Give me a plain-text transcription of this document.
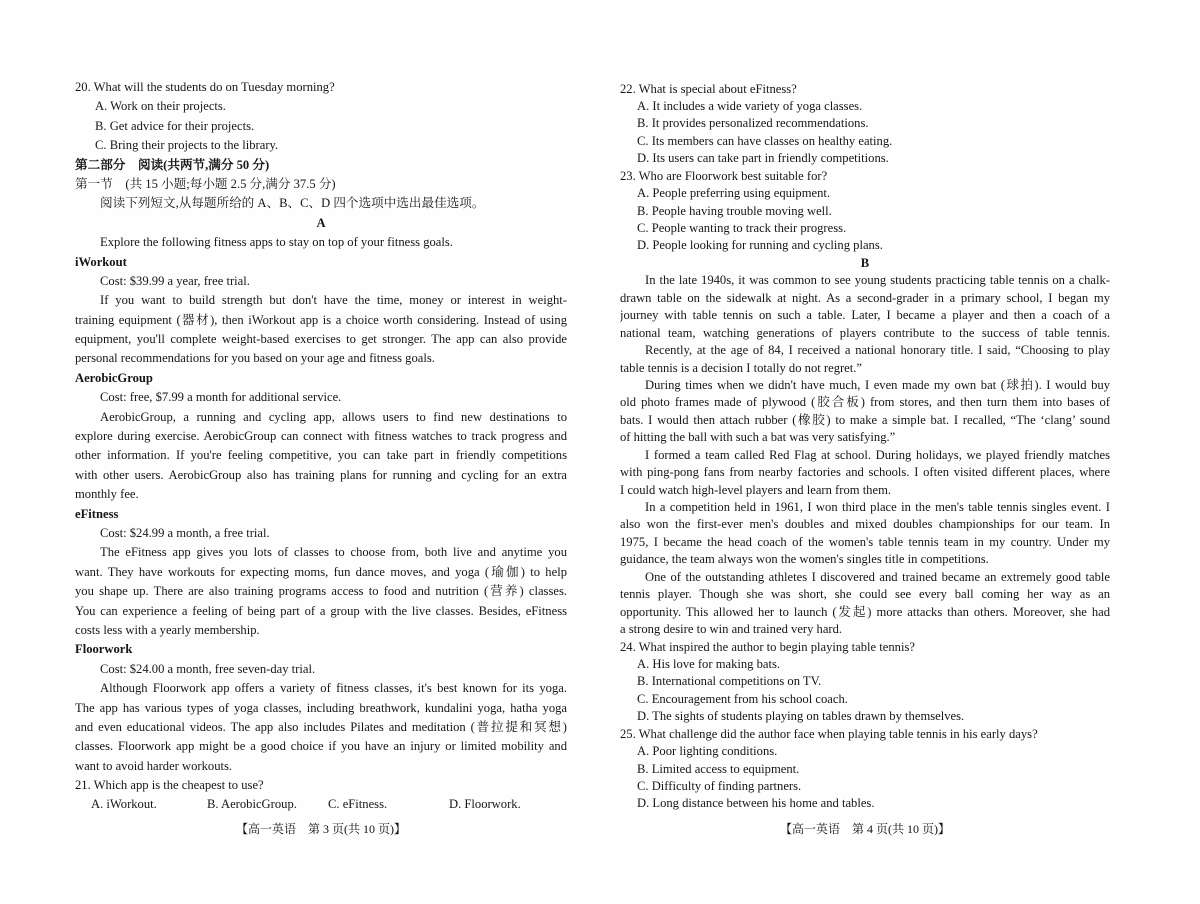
20. What will the students do on Tuesday morning?
A. Work on their projects.
B. Get advice for their projects.
C. Bring their projects to the library.
第二部分　阅读(共两节,满分 50 分)
第一节　(共 15 小题;每小题 2.5 分,满分 37.5 分)
阅读下列短文,从每题所给的 A、B、C、D 四个选项中选出最佳选项。
A
Explore the following fitness apps to stay on top of your fitness goals.
iWorkout
Cost: $39.99 a year, free trial.
If you want to build strength but don't have the time, money or interest in weight-
training equipment (器材), then iWorkout app is a choice worth considering. Instead of using
equipment, you'll complete weight-based exercises to get stronger. The app can also provide
personal recommendations for you based on your age and fitness goals.
AerobicGroup
Cost: free, $7.99 a month for additional service.
AerobicGroup, a running and cycling app, allows users to find new destinations to
explore during exercise. AerobicGroup can connect with fitness watches to track progress and
other information. If you're feeling competitive, you can take part in friendly competitions
with other users. AerobicGroup also has training plans for running and cycling for an extra
monthly fee.
eFitness
Cost: $24.99 a month, a free trial.
The eFitness app gives you lots of classes to choose from, both live and anytime you
want. They have workouts for expecting moms, fun dance moves, and yoga (瑜伽) to help
you shape up. There are also training programs access to food and nutrition (营养) classes.
You can experience a feeling of being part of a group with the live classes. Besides, eFitness
costs less with a yearly membership.
Floorwork
Cost: $24.00 a month, free seven-day trial.
Although Floorwork app offers a variety of fitness classes, it's best known for its yoga.
The app has various types of yoga classes, including breathwork, kundalini yoga, hatha yoga
and even educational videos. The app also includes Pilates and meditation (普拉提和冥想)
classes. Floorwork app might be a good choice if you have an injury or limited mobility and
want to avoid harder workouts.
21. Which app is the cheapest to use?
A. iWorkout.	B. AerobicGroup. C. eFitness.	D. Floorwork.
22. What is special about eFitness?
A. It includes a wide variety of yoga classes.
B. It provides personalized recommendations.
C. Its members can have classes on healthy eating.
D. Its users can take part in friendly competitions.
23. Who are Floorwork best suitable for?
A. People preferring using equipment.
B. People having trouble moving well.
C. People wanting to track their progress.
D. People looking for running and cycling plans.
B
In the late 1940s, it was common to see young students practicing table tennis on a chalk-
drawn table on the sidewalk at night. As a second-grader in a primary school, I began my
journey with table tennis on such a table. Later, I became a player and then a coach of a
national team, watching generations of players contribute to the success of table tennis.
Recently, at the age of 84, I received a national honorary title. I said, “Choosing to play
table tennis is a decision I totally do not regret.”
During times when we didn't have much, I even made my own bat (球拍). I would buy
old photo frames made of plywood (胶合板) from stores, and then turn them into bases of
bats. I would then attach rubber (橡胶) to make a simple bat. I recalled, “The ‘clang’ sound
of hitting the ball with such a bat was very satisfying.”
I formed a team called Red Flag at school. During holidays, we played friendly matches
with ping-pong fans from nearby factories and schools. I often visited different places, where
I could watch high-level players and learn from them.
In a competition held in 1961, I won third place in the men's table tennis singles event. I
also won the first-ever men's doubles and mixed doubles championships for our team. In
1975, I became the head coach of the women's table tennis team in my country. Under my
guidance, the team always won the women's singles title in competitions.
One of the outstanding athletes I discovered and trained became an extremely good table
tennis player. Though she was short, she could see every ball coming her way as an
opportunity. This allowed her to launch (发起) more attacks than others. Moreover, she had
a strong desire to win and trained very hard.
24. What inspired the author to begin playing table tennis?
A. His love for making bats.
B. International competitions on TV.
C. Encouragement from his school coach.
D. The sights of students playing on tables drawn by themselves.
25. What challenge did the author face when playing table tennis in his early days?
A. Poor lighting conditions.
B. Limited access to equipment.
C. Difficulty of finding partners.
D. Long distance between his home and tables.
【高一英语　第 3 页(共 10 页)】	【高一英语　第 4 页(共 10 页)】
